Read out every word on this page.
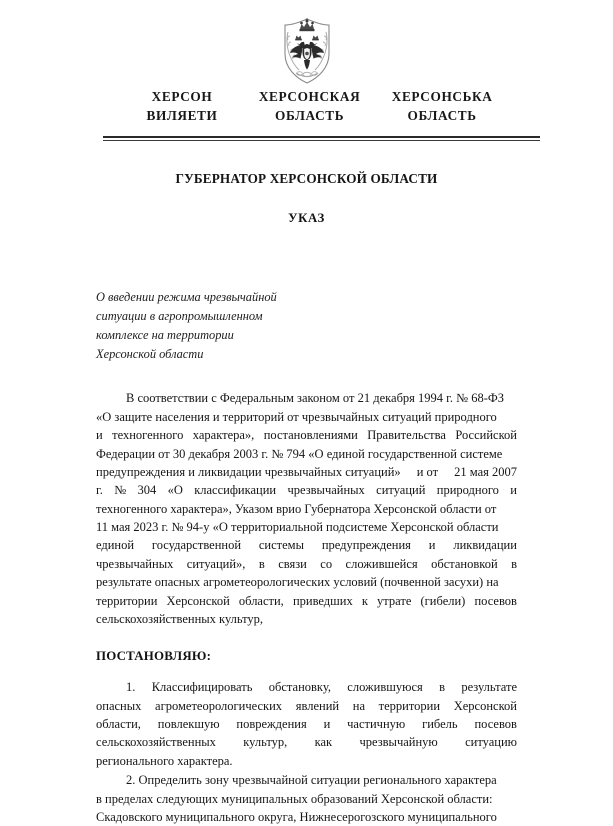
ХЕРСОН
ВИЛЯЕТИ
ХЕРСОНСКАЯ
ОБЛАСТЬ
ХЕРСОНСЬКА
ОБЛАСТЬ
ГУБЕРНАТОР ХЕРСОНСКОЙ ОБЛАСТИ
УКАЗ
О введении режима чрезвычайной
ситуации в агропромышленном
комплексе на территории
Херсонской области
В соответствии с Федеральным законом от 21 декабря 1994 г. № 68-ФЗ
«О защите населения и территорий от чрезвычайных ситуаций природного
и техногенного характера», постановлениями Правительства Российской
Федерации от 30 декабря 2003 г. № 794 «О единой государственной системе
предупреждения и ликвидации чрезвычайных ситуаций» и от 21 мая 2007
г. № 304 «О классификации чрезвычайных ситуаций природного и
техногенного характера», Указом врио Губернатора Херсонской области от
11 мая 2023 г. № 94-у «О территориальной подсистеме Херсонской области
единой государственной системы предупреждения и ликвидации
чрезвычайных ситуаций», в связи со сложившейся обстановкой в
результате опасных агрометеорологических условий (почвенной засухи) на
территории Херсонской области, приведших к утрате (гибели) посевов
сельскохозяйственных культур,
ПОСТАНОВЛЯЮ:
1. Классифицировать обстановку, сложившуюся в результате
опасных агрометеорологических явлений на территории Херсонской
области, повлекшую повреждения и частичную гибель посевов
сельскохозяйственных культур, как чрезвычайную ситуацию
регионального характера.
2. Определить зону чрезвычайной ситуации регионального характера
в пределах следующих муниципальных образований Херсонской области:
Скадовского муниципального округа, Нижнесерогозского муниципального
